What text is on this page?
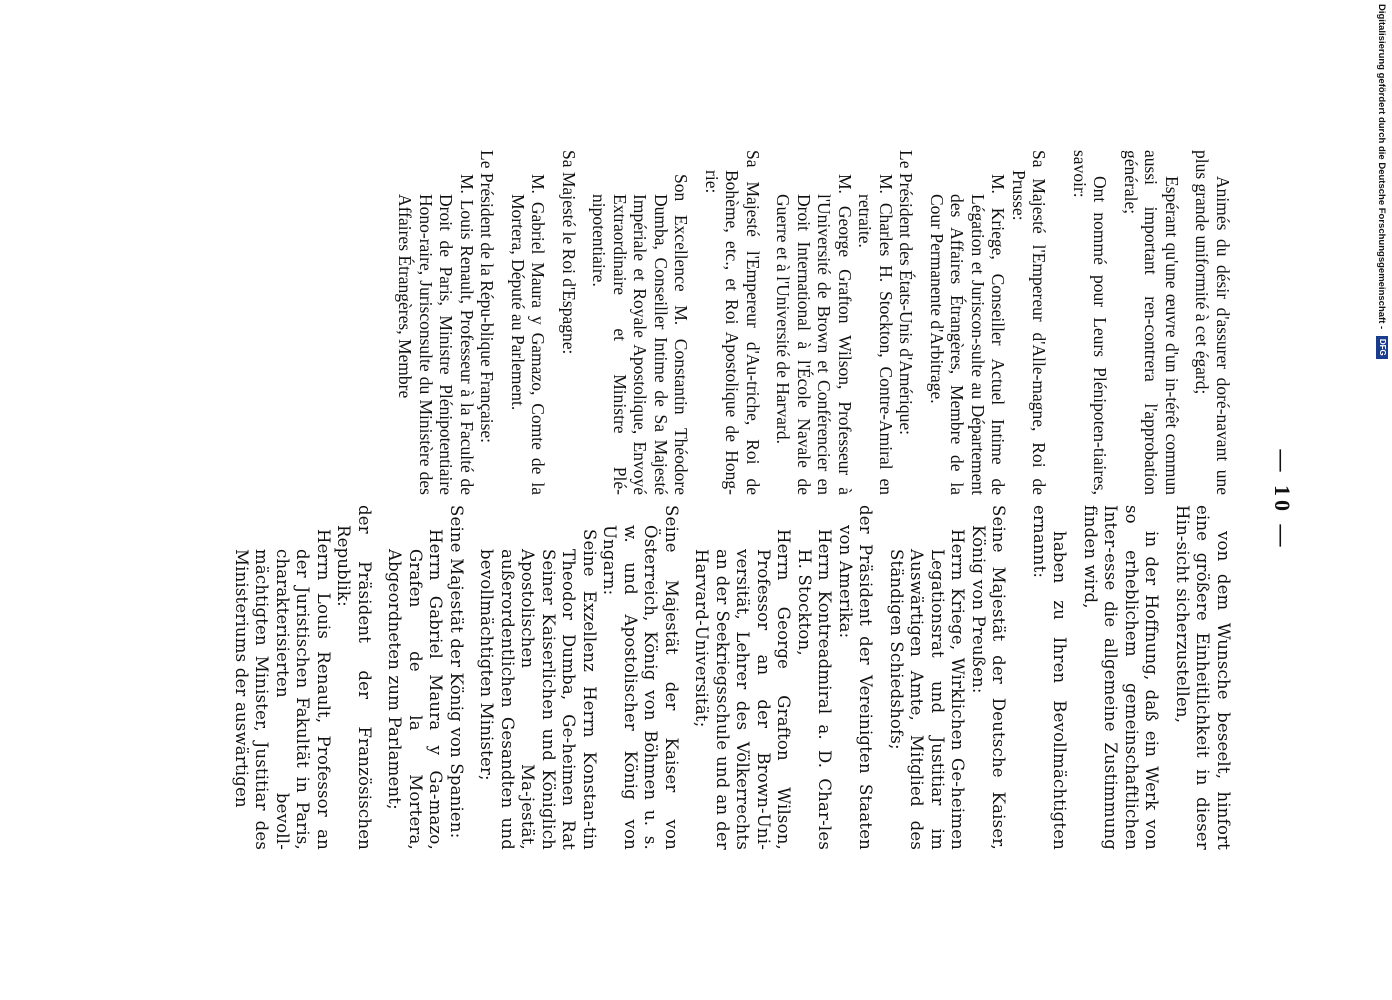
— 10 —

Animés du désir d'assurer doré-navant une plus grande uniformité à cet égard;

Espérant qu'une œuvre d'un in-térêt commun aussi important ren-contrera l'approbation générale;

Ont nommé pour Leurs Plénipoten-tiaires, savoir:

Sa Majesté l'Empereur d'Alle-magne, Roi de Prusse:

M. Kriege, Conseiller Actuel Intime de Légation et Juriscon-sulte au Département des Affaires Étrangères, Membre de la Cour Permanente d'Arbitrage.

Le Président des États-Unis d'Amérique:

M. Charles H. Stockton, Contre-Amiral en retraite.

M. George Grafton Wilson, Professeur à l'Université de Brown et Conférencier en Droit International à l'École Navale de Guerre et à l'Université de Harvard.

Sa Majesté l'Empereur d'Au-triche, Roi de Bohème, etc., et Roi Apostolique de Hong-rie:

Son Excellence M. Constantin Théodore Dumba, Conseiller Intime de Sa Majesté Impériale et Royale Apostolique, Envoyé Extraordinaire et Ministre Plé-nipotentiaire.

Sa Majesté le Roi d'Espagne:

M. Gabriel Maura y Gamazo, Comte de la Mortera, Député au Parlement.

Le Président de la Répu-blique Française:

M. Louis Renault, Professeur à la Faculté de Droit de Paris, Ministre Plénipotentiaire Hono-raire, Jurisconsulte du Ministère des Affaires Étrangères, Membre

von dem Wunsche beseelt, hinfort eine größere Einheitlichkeit in dieser Hin-sicht sicherzustellen,

in der Hoffnung, daß ein Werk von so erheblichem gemeinschaftlichen Inter-esse die allgemeine Zustimmung finden wird,

haben zu Ihren Bevollmächtigten ernannt:

Seine Majestät der Deutsche Kaiser, König von Preußen:

Herrn Kriege, Wirklichen Ge-heimen Legationsrat und Justitiar im Auswärtigen Amte, Mitglied des Ständigen Schiedshofs;

der Präsident der Vereinigten Staaten von Amerika:

Herrn Kontreadmiral a. D. Char-les H. Stockton,

Herrn George Grafton Wilson, Professor an der Brown-Uni-versität, Lehrer des Völkerrechts an der Seekriegsschule und an der Harvard-Universität;

Seine Majestät der Kaiser von Österreich, König von Böhmen u. s. w. und Apostolischer König von Ungarn:

Seine Exzellenz Herrn Konstan-tin Theodor Dumba, Ge-heimen Rat Seiner Kaiserlichen und Königlich Apostolischen Ma-jestät, außerordentlichen Gesandten und bevollmächtigten Minister;

Seine Majestät der König von Spanien:

Herrn Gabriel Maura y Ga-mazo, Grafen de la Mortera, Abgeordneten zum Parlament;

der Präsident der Französischen Republik:

Herrn Louis Renault, Professor an der Juristischen Fakultät in Paris, charakterisierten bevoll-mächtigten Minister, Justitiar des Ministeriums der auswärtigen

Digitalisierung gefördert durch die Deutsche Forschungsgemeinschaft - DFG
